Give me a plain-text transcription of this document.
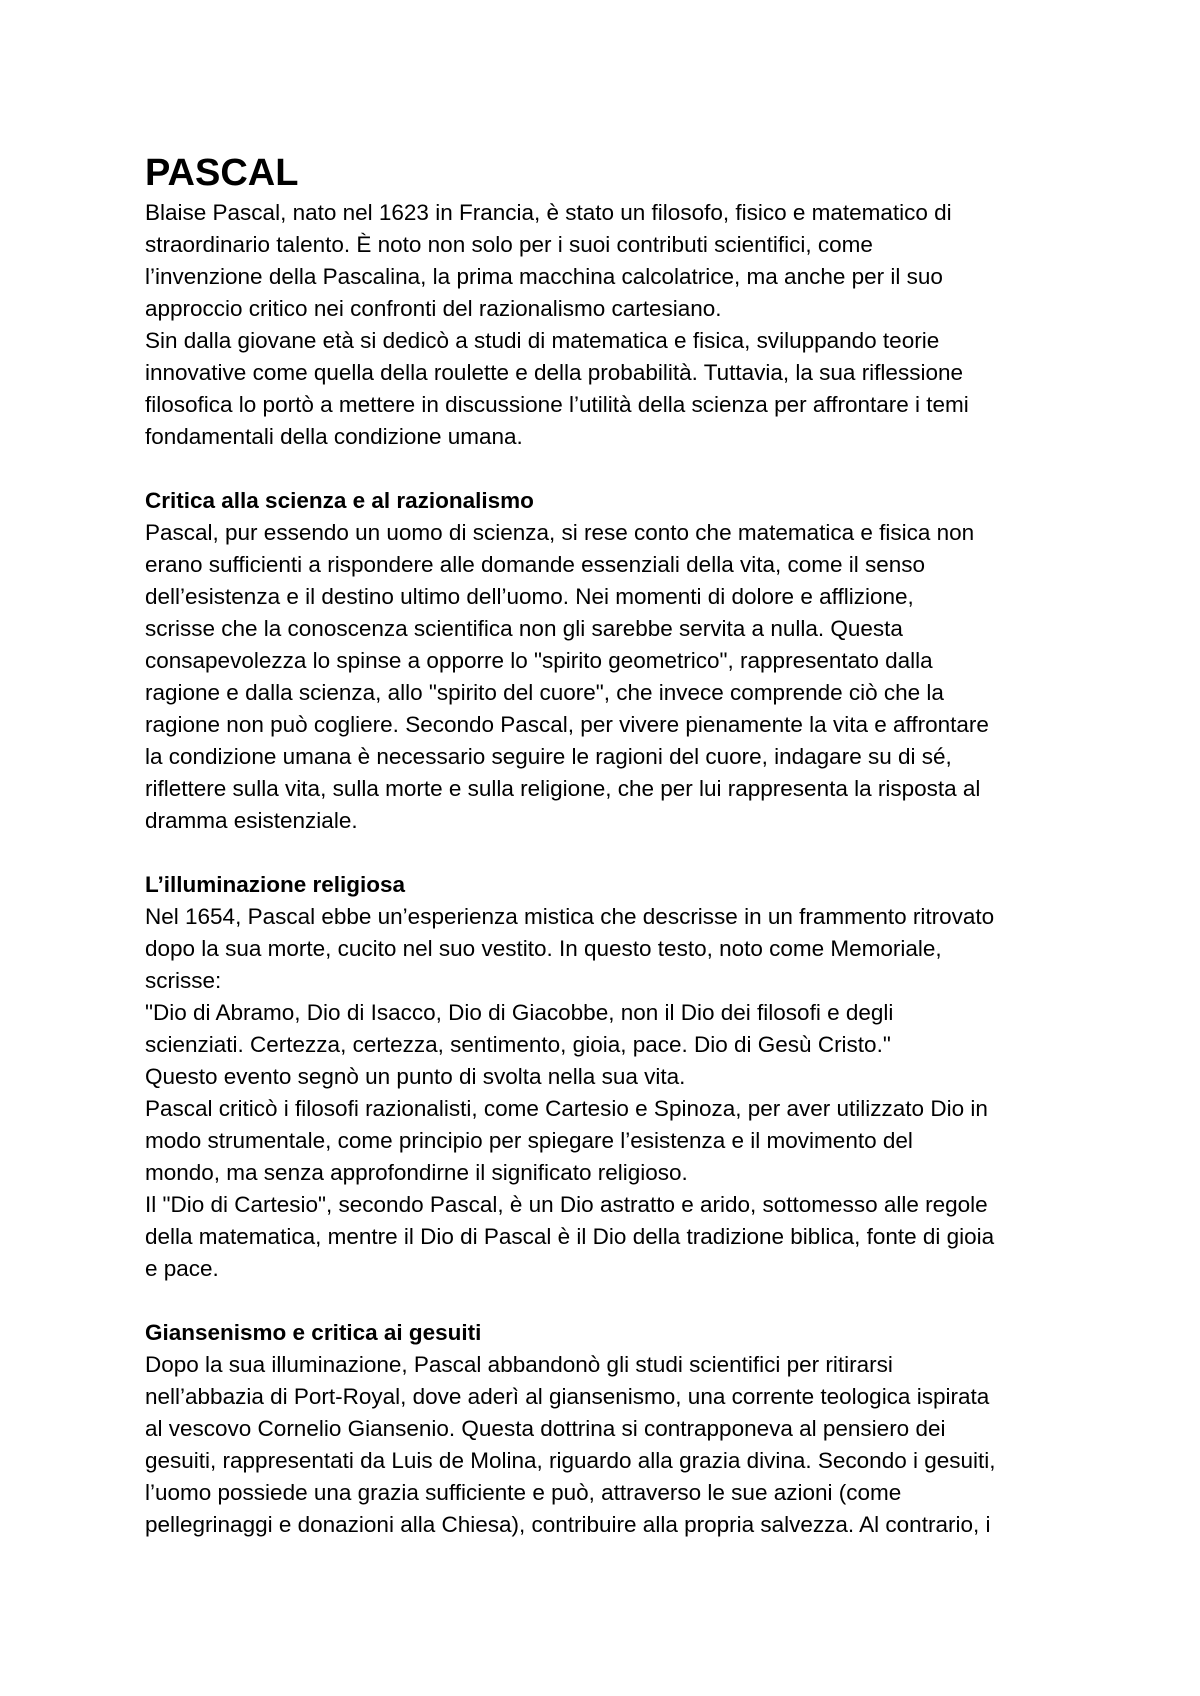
PASCAL

Blaise Pascal, nato nel 1623 in Francia, è stato un filosofo, fisico e matematico di
straordinario talento. È noto non solo per i suoi contributi scientifici, come
l’invenzione della Pascalina, la prima macchina calcolatrice, ma anche per il suo
approccio critico nei confronti del razionalismo cartesiano.
Sin dalla giovane età si dedicò a studi di matematica e fisica, sviluppando teorie
innovative come quella della roulette e della probabilità. Tuttavia, la sua riflessione
filosofica lo portò a mettere in discussione l’utilità della scienza per affrontare i temi
fondamentali della condizione umana.

Critica alla scienza e al razionalismo

Pascal, pur essendo un uomo di scienza, si rese conto che matematica e fisica non
erano sufficienti a rispondere alle domande essenziali della vita, come il senso
dell’esistenza e il destino ultimo dell’uomo. Nei momenti di dolore e afflizione,
scrisse che la conoscenza scientifica non gli sarebbe servita a nulla. Questa
consapevolezza lo spinse a opporre lo "spirito geometrico", rappresentato dalla
ragione e dalla scienza, allo "spirito del cuore", che invece comprende ciò che la
ragione non può cogliere. Secondo Pascal, per vivere pienamente la vita e affrontare
la condizione umana è necessario seguire le ragioni del cuore, indagare su di sé,
riflettere sulla vita, sulla morte e sulla religione, che per lui rappresenta la risposta al
dramma esistenziale.

L’illuminazione religiosa

Nel 1654, Pascal ebbe un’esperienza mistica che descrisse in un frammento ritrovato
dopo la sua morte, cucito nel suo vestito. In questo testo, noto come Memoriale,
scrisse:
"Dio di Abramo, Dio di Isacco, Dio di Giacobbe, non il Dio dei filosofi e degli
scienziati. Certezza, certezza, sentimento, gioia, pace. Dio di Gesù Cristo."
Questo evento segnò un punto di svolta nella sua vita.
Pascal criticò i filosofi razionalisti, come Cartesio e Spinoza, per aver utilizzato Dio in
modo strumentale, come principio per spiegare l’esistenza e il movimento del
mondo, ma senza approfondirne il significato religioso.
Il "Dio di Cartesio", secondo Pascal, è un Dio astratto e arido, sottomesso alle regole
della matematica, mentre il Dio di Pascal è il Dio della tradizione biblica, fonte di gioia
e pace.

Giansenismo e critica ai gesuiti

Dopo la sua illuminazione, Pascal abbandonò gli studi scientifici per ritirarsi
nell’abbazia di Port-Royal, dove aderì al giansenismo, una corrente teologica ispirata
al vescovo Cornelio Giansenio. Questa dottrina si contrapponeva al pensiero dei
gesuiti, rappresentati da Luis de Molina, riguardo alla grazia divina. Secondo i gesuiti,
l’uomo possiede una grazia sufficiente e può, attraverso le sue azioni (come
pellegrinaggi e donazioni alla Chiesa), contribuire alla propria salvezza. Al contrario, i
